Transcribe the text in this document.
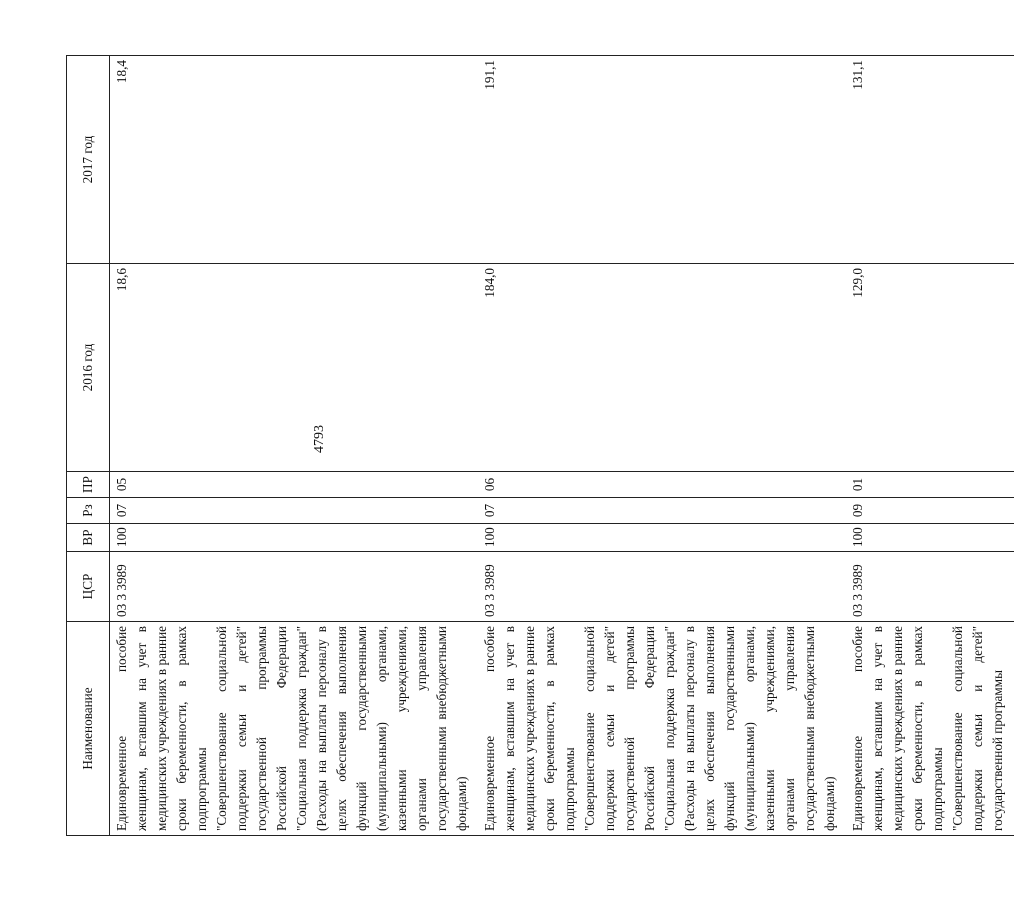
4793
Наименование	ЦСР	ВР	Рз	ПР	2016 год	2017 год
Единовременное пособие женщинам, вставшим на учет в медицинских учреждениях в ранние сроки беременности, в рамках подпрограммы "Совершенствование социальной поддержки семьи и детей" государственной программы Российской Федерации "Социальная поддержка граждан" (Расходы на выплаты персоналу в целях обеспечения выполнения функций государственными (муниципальными) органами, казенными учреждениями, органами управления государственными внебюджетными фондами)	03 3 3989	100	07	05	18,6	18,4
Единовременное пособие женщинам, вставшим на учет в медицинских учреждениях в ранние сроки беременности, в рамках подпрограммы "Совершенствование социальной поддержки семьи и детей" государственной программы Российской Федерации "Социальная поддержка граждан" (Расходы на выплаты персоналу в целях обеспечения выполнения функций государственными (муниципальными) органами, казенными учреждениями, органами управления государственными внебюджетными фондами)	03 3 3989	100	07	06	184,0	191,1
Единовременное пособие женщинам, вставшим на учет в медицинских учреждениях в ранние сроки беременности, в рамках подпрограммы "Совершенствование социальной поддержки семьи и детей" государственной программы	03 3 3989	100	09	01	129,0	131,1
